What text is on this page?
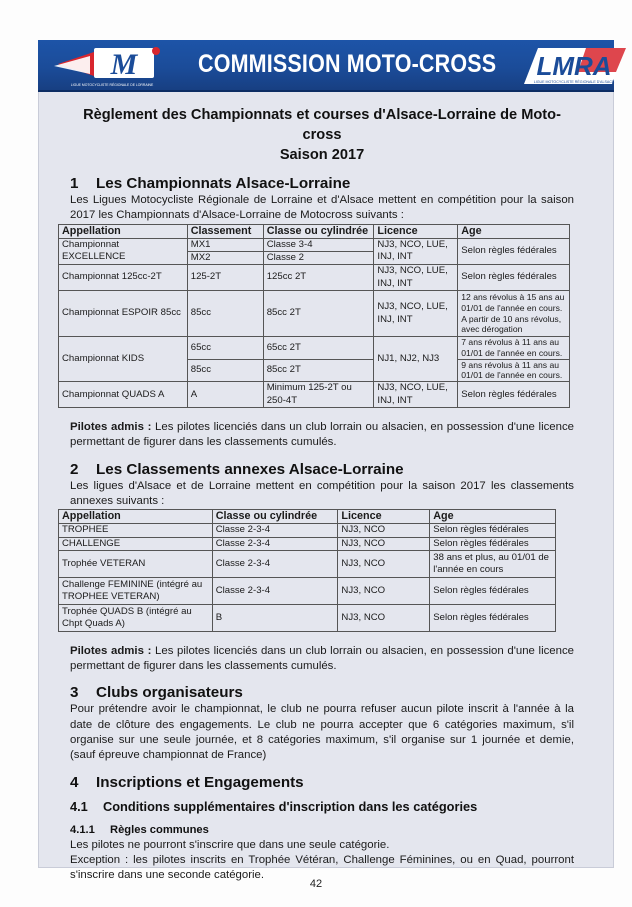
M
LIGUE MOTOCYCLISTE RÉGIONALE DE LORRAINE
COMMISSION MOTO-CROSS LMRA
LIGUE MOTOCYCLISTE RÉGIONALE D'ALSACE
Règlement des Championnats et courses d'Alsace-Lorraine de Moto-cross
Saison 2017
1 Les Championnats Alsace-Lorraine

Les Ligues Motocycliste Régionale de Lorraine et d'Alsace mettent en compétition pour la saison 2017 les Championnats d'Alsace-Lorraine de Motocross suivants :

Appellation	Classement	Classe ou cylindrée	Licence	Age
Championnat EXCELLENCE	MX1	Classe 3-4	NJ3, NCO, LUE, INJ, INT	Selon règles fédérales
	MX2	Classe 2		
Championnat 125cc-2T	125-2T	125cc 2T	NJ3, NCO, LUE, INJ, INT	Selon règles fédérales
Championnat ESPOIR 85cc	85cc	85cc 2T	NJ3, NCO, LUE, INJ, INT	12 ans révolus à 15 ans au 01/01 de l'année en cours. A partir de 10 ans révolus, avec dérogation
Championnat KIDS	65cc	65cc 2T	NJ1, NJ2, NJ3	7 ans révolus à 11 ans au 01/01 de l'année en cours.
	85cc	85cc 2T		9 ans révolus à 11 ans au 01/01 de l'année en cours.
Championnat QUADS A	A	Minimum 125-2T ou 250-4T	NJ3, NCO, LUE, INJ, INT	Selon règles fédérales

Pilotes admis : Les pilotes licenciés dans un club lorrain ou alsacien, en possession d'une licence permettant de figurer dans les classements cumulés.

2 Les Classements annexes Alsace-Lorraine

Les ligues d'Alsace et de Lorraine mettent en compétition pour la saison 2017 les classements annexes suivants :

Appellation	Classe ou cylindrée	Licence	Age
TROPHEE	Classe 2-3-4	NJ3, NCO	Selon règles fédérales
CHALLENGE	Classe 2-3-4	NJ3, NCO	Selon règles fédérales
Trophée VETERAN	Classe 2-3-4	NJ3, NCO	38 ans et plus, au 01/01 de l'année en cours
Challenge FEMININE (intégré au TROPHEE VETERAN)	Classe 2-3-4	NJ3, NCO	Selon règles fédérales
Trophée QUADS B (intégré au Chpt Quads A)	B	NJ3, NCO	Selon règles fédérales

Pilotes admis : Les pilotes licenciés dans un club lorrain ou alsacien, en possession d'une licence permettant de figurer dans les classements cumulés.

3 Clubs organisateurs

Pour prétendre avoir le championnat, le club ne pourra refuser aucun pilote inscrit à l'année à la date de clôture des engagements. Le club ne pourra accepter que 6 catégories maximum, s'il organise sur une seule journée, et 8 catégories maximum, s'il organise sur 1 journée et demie, (sauf épreuve championnat de France)

4 Inscriptions et Engagements
4.1 Conditions supplémentaires d'inscription dans les catégories
4.1.1 Règles communes

Les pilotes ne pourront s'inscrire que dans une seule catégorie.

Exception : les pilotes inscrits en Trophée Vétéran, Challenge Féminines, ou en Quad, pourront s'inscrire dans une seconde catégorie.

42
